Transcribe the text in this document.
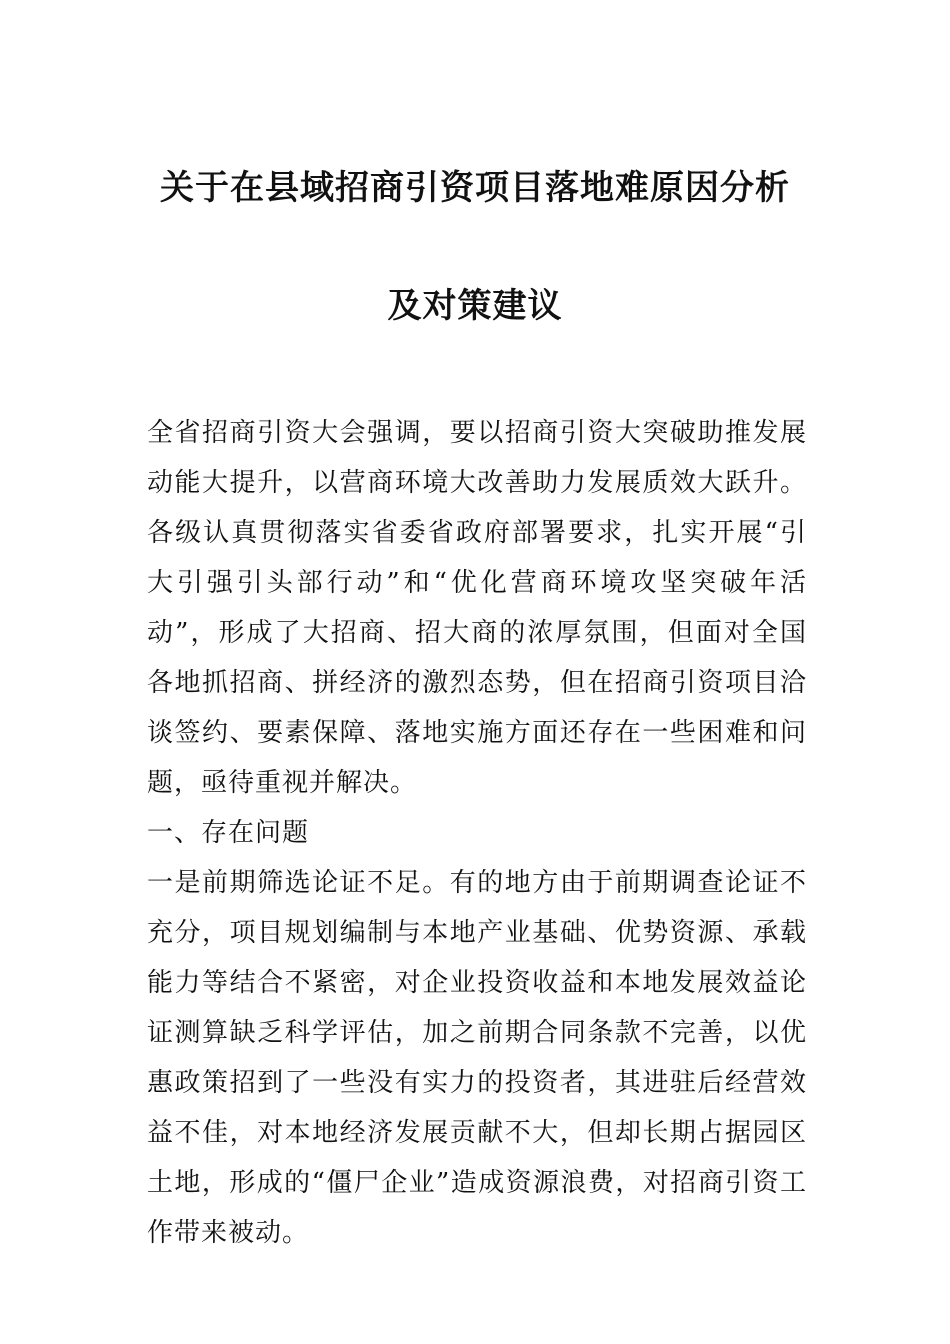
关于在县域招商引资项目落地难原因分析
及对策建议

全省招商引资大会强调，要以招商引资大突破助推发展动能大提升，以营商环境大改善助力发展质效大跃升。各级认真贯彻落实省委省政府部署要求，扎实开展“引大引强引头部行动”和“优化营商环境攻坚突破年活动”，形成了大招商、招大商的浓厚氛围，但面对全国各地抓招商、拼经济的激烈态势，但在招商引资项目洽谈签约、要素保障、落地实施方面还存在一些困难和问题，亟待重视并解决。

一、存在问题

一是前期筛选论证不足。有的地方由于前期调查论证不充分，项目规划编制与本地产业基础、优势资源、承载能力等结合不紧密，对企业投资收益和本地发展效益论证测算缺乏科学评估，加之前期合同条款不完善，以优惠政策招到了一些没有实力的投资者，其进驻后经营效益不佳，对本地经济发展贡献不大，但却长期占据园区土地，形成的“僵尸企业”造成资源浪费，对招商引资工作带来被动。
